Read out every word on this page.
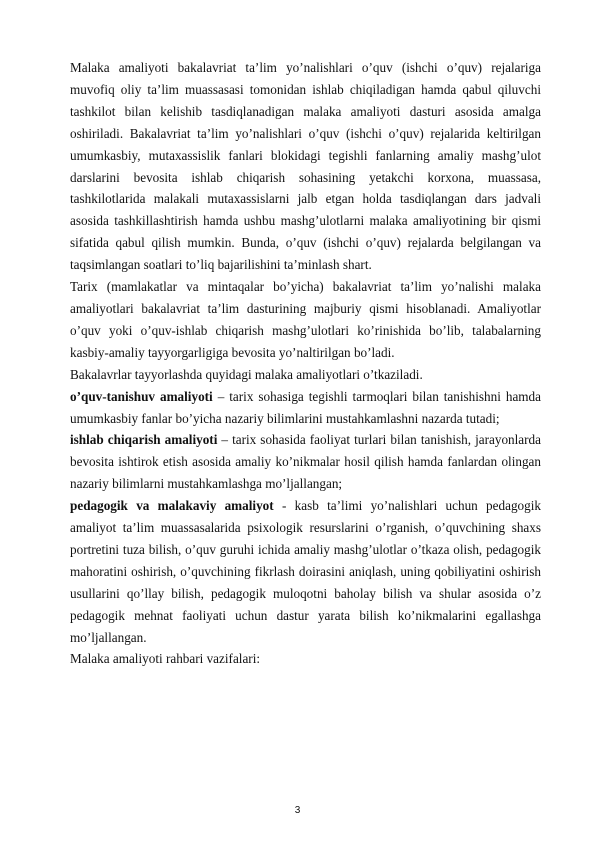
Malaka amaliyoti bakalavriat ta’lim yo’nalishlari o’quv (ishchi o’quv) rejalariga muvofiq oliy ta’lim muassasasi tomonidan ishlab chiqiladigan hamda qabul qiluvchi tashkilot bilan kelishib tasdiqlanadigan malaka amaliyoti dasturi asosida amalga oshiriladi. Bakalavriat ta’lim yo’nalishlari o’quv (ishchi o’quv) rejalarida keltirilgan umumkasbiy, mutaxassislik fanlari blokidagi tegishli fanlarning amaliy mashg’ulot darslarini bevosita ishlab chiqarish sohasining yetakchi korxona, muassasa, tashkilotlarida malakali mutaxassislarni jalb etgan holda tasdiqlangan dars jadvali asosida tashkillashtirish hamda ushbu mashg’ulotlarni malaka amaliyotining bir qismi sifatida qabul qilish mumkin. Bunda, o’quv (ishchi o’quv) rejalarda belgilangan va taqsimlangan soatlari to’liq bajarilishini ta’minlash shart.

Tarix (mamlakatlar va mintaqalar bo’yicha) bakalavriat ta’lim yo’nalishi malaka amaliyotlari bakalavriat ta’lim dasturining majburiy qismi hisoblanadi. Amaliyotlar o’quv yoki o’quv-ishlab chiqarish mashg’ulotlari ko’rinishida bo’lib, talabalarning kasbiy-amaliy tayyorgarligiga bevosita yo’naltirilgan bo’ladi.

Bakalavrlar tayyorlashda quyidagi malaka amaliyotlari o’tkaziladi.

o’quv-tanishuv amaliyoti – tarix sohasiga tegishli tarmoqlari bilan tanishishni hamda umumkasbiy fanlar bo’yicha nazariy bilimlarini mustahkamlashni nazarda tutadi;

ishlab chiqarish amaliyoti – tarix sohasida faoliyat turlari bilan tanishish, jarayonlarda bevosita ishtirok etish asosida amaliy ko’nikmalar hosil qilish hamda fanlardan olingan nazariy bilimlarni mustahkamlashga mo’ljallangan;

pedagogik va malakaviy amaliyot - kasb ta’limi yo’nalishlari uchun pedagogik amaliyot ta’lim muassasalarida psixologik resurslarini o’rganish, o’quvchining shaxs portretini tuza bilish, o’quv guruhi ichida amaliy mashg’ulotlar o’tkaza olish, pedagogik mahoratini oshirish, o’quvchining fikrlash doirasini aniqlash, uning qobiliyatini oshirish usullarini qo’llay bilish, pedagogik muloqotni baholay bilish va shular asosida o’z pedagogik mehnat faoliyati uchun dastur yarata bilish ko’nikmalarini egallashga mo’ljallangan.

Malaka amaliyoti rahbari vazifalari:

3
